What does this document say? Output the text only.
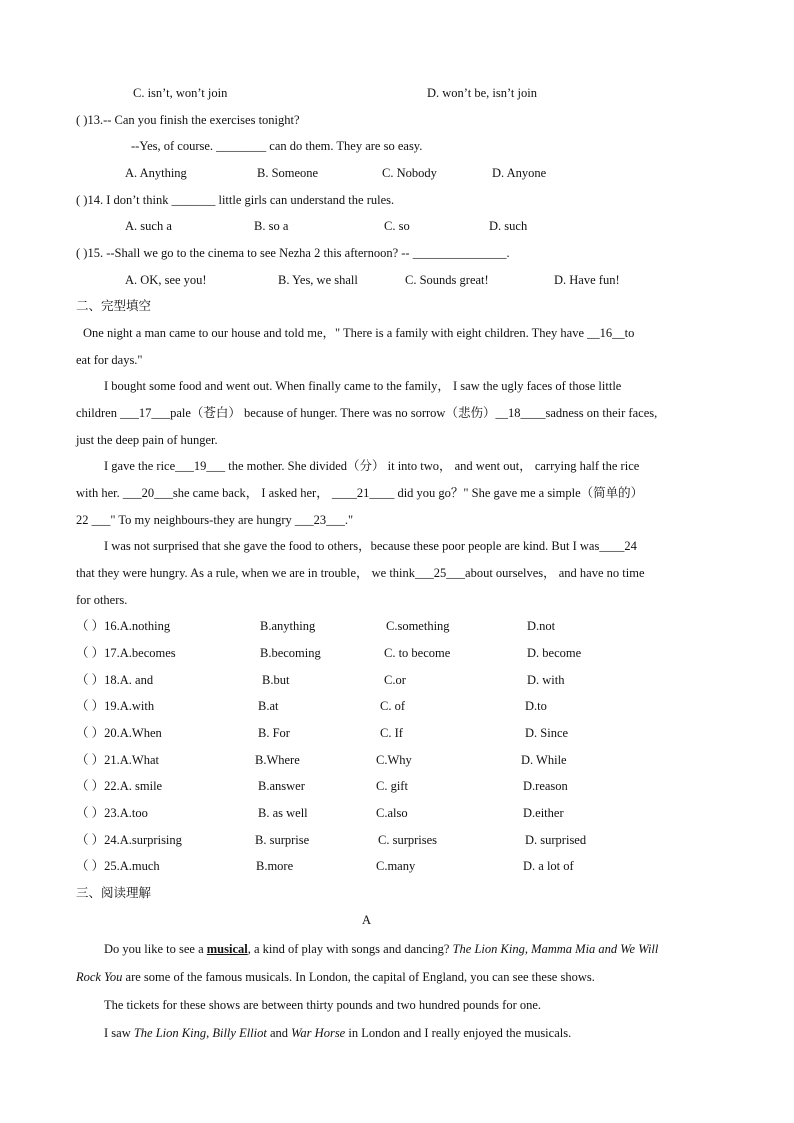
C. isn’t, won’t join	D. won’t be, isn’t join
( )13.-- Can you finish the exercises tonight?
--Yes, of course. ________ can do them. They are so easy.
A. Anything	B. Someone	C. Nobody	D. Anyone
( )14. I don’t think _______ little girls can understand the rules.
A. such a	B. so a	C. so	D. such
( )15. --Shall we go to the cinema to see Nezha 2 this afternoon? -- _______________.
A. OK, see you!	B. Yes, we shall	C. Sounds great!	D. Have fun!
二、完型填空
One night a man came to our house and told me，" There is a family with eight children. They have __16__to
eat for days."
I bought some food and went out. When finally came to the family， I saw the ugly faces of those little
children ___17___pale（苍白） because of hunger. There was no sorrow（悲伤）__18____sadness on their faces,
just the deep pain of hunger.
I gave the rice___19___ the mother. She divided（分） it into two， and went out， carrying half the rice
with her. ___20___she came back， I asked her， ____21____ did you go？" She gave me a simple（简单的）
22 ___" To my neighbours-they are hungry ___23___."
I was not surprised that she gave the food to others，because these poor people are kind. But I was____24
that they were hungry. As a rule, when we are in trouble， we think___25___about ourselves， and have no time
for others.
（ ）16.A.nothing	B.anything	C.something	D.not
（ ）17.A.becomes	B.becoming	C. to become	D. become
（ ）18.A. and	B.but	C.or	D. with
（ ）19.A.with	B.at	C. of	D.to
（ ）20.A.When	B. For	C. If	D. Since
（ ）21.A.What	B.Where	C.Why	D. While
（ ）22.A. smile	B.answer	C. gift	D.reason
（ ）23.A.too	B. as well	C.also	D.either
（ ）24.A.surprising	B. surprise	C. surprises	D. surprised
（ ）25.A.much	B.more	C.many	D. a lot of
三、阅读理解
A
Do you like to see a musical, a kind of play with songs and dancing? The Lion King, Mamma Mia and We Will
Rock You are some of the famous musicals. In London, the capital of England, you can see these shows.
The tickets for these shows are between thirty pounds and two hundred pounds for one.
I saw The Lion King, Billy Elliot and War Horse in London and I really enjoyed the musicals.
